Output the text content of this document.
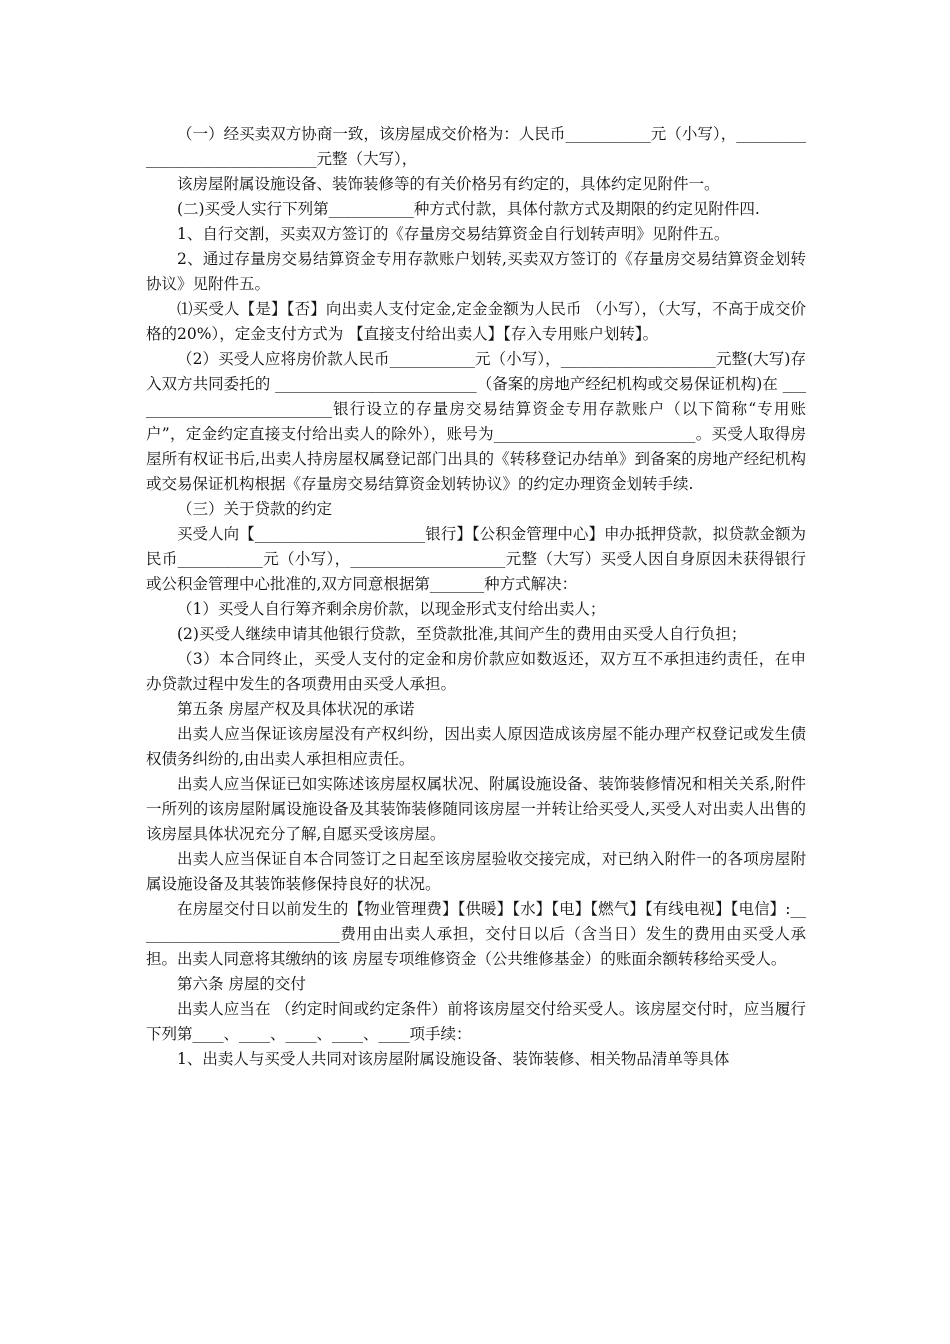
（一）经买卖双方协商一致，该房屋成交价格为：人民币___________元（小写），_______________________________元整（大写），

该房屋附属设施设备、装饰装修等的有关价格另有约定的，具体约定见附件一。

(二)买受人实行下列第___________种方式付款，具体付款方式及期限的约定见附件四.

1、自行交割，买卖双方签订的《存量房交易结算资金自行划转声明》见附件五。

2、通过存量房交易结算资金专用存款账户划转,买卖双方签订的《存量房交易结算资金划转协议》见附件五。

⑴买受人【是】【否】向出卖人支付定金,定金金额为人民币 （小写），（大写，不高于成交价格的20%），定金支付方式为 【直接支付给出卖人】【存入专用账户划转】。

（2）买受人应将房价款人民币___________元（小写），____________________元整(大写)存入双方共同委托的 __________________________（备案的房地产经纪机构或交易保证机构)在 ___________________________银行设立的存量房交易结算资金专用存款账户（以下简称“专用账户”，定金约定直接支付给出卖人的除外），账号为__________________________。买受人取得房屋所有权证书后,出卖人持房屋权属登记部门出具的《转移登记办结单》到备案的房地产经纪机构或交易保证机构根据《存量房交易结算资金划转协议》的约定办理资金划转手续.

（三）关于贷款的约定

买受人向【______________________银行】【公积金管理中心】申办抵押贷款，拟贷款金额为民币___________元（小写），____________________元整（大写）买受人因自身原因未获得银行或公积金管理中心批准的,双方同意根据第_______种方式解决：

（1）买受人自行筹齐剩余房价款，以现金形式支付给出卖人；

(2)买受人继续申请其他银行贷款，至贷款批准,其间产生的费用由买受人自行负担；

（3）本合同终止，买受人支付的定金和房价款应如数返还，双方互不承担违约责任，在申办贷款过程中发生的各项费用由买受人承担。

第五条 房屋产权及具体状况的承诺

出卖人应当保证该房屋没有产权纠纷，因出卖人原因造成该房屋不能办理产权登记或发生债权债务纠纷的,由出卖人承担相应责任。

出卖人应当保证已如实陈述该房屋权属状况、附属设施设备、装饰装修情况和相关关系,附件一所列的该房屋附属设施设备及其装饰装修随同该房屋一并转让给买受人,买受人对出卖人出售的该房屋具体状况充分了解,自愿买受该房屋。

出卖人应当保证自本合同签订之日起至该房屋验收交接完成，对已纳入附件一的各项房屋附属设施设备及其装饰装修保持良好的状况。

在房屋交付日以前发生的【物业管理费】【供暖】【水】【电】【燃气】【有线电视】【电信】:___________________________费用由出卖人承担，交付日以后（含当日）发生的费用由买受人承担。出卖人同意将其缴纳的该 房屋专项维修资金（公共维修基金）的账面余额转移给买受人。

第六条 房屋的交付

出卖人应当在 （约定时间或约定条件）前将该房屋交付给买受人。该房屋交付时，应当履行下列第____、____、____、____、____项手续：

1、出卖人与买受人共同对该房屋附属设施设备、装饰装修、相关物品清单等具体
